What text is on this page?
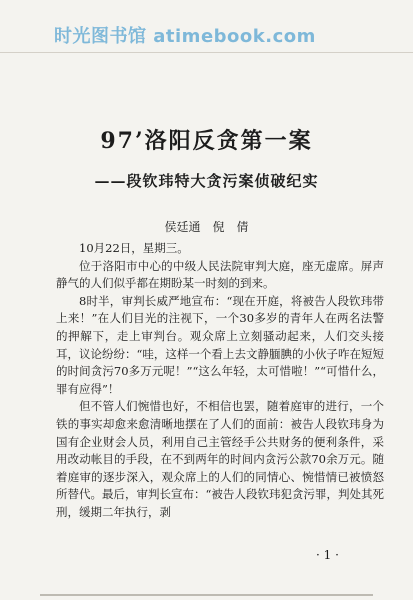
时光图书馆 atimebook.com
97’洛阳反贪第一案
——段钦玮特大贪污案侦破纪实

侯廷通　倪　倩

10月22日，星期三。

位于洛阳市中心的中级人民法院审判大庭，座无虚席。屏声静气的人们似乎都在期盼某一时刻的到来。

8时半，审判长威严地宣布：“现在开庭，将被告人段钦玮带上来！”在人们目光的注视下，一个30多岁的青年人在两名法警的押解下，走上审判台。观众席上立刻骚动起来，人们交头接耳，议论纷纷：“哇，这样一个看上去文静腼腆的小伙子咋在短短的时间贪污70多万元呢！”“这么年轻，太可惜啦！”“可惜什么，罪有应得”！

但不管人们惋惜也好，不相信也罢，随着庭审的进行，一个铁的事实却愈来愈清晰地摆在了人们的面前：被告人段钦玮身为国有企业财会人员，利用自己主管经手公共财务的便利条件，采用改动帐目的手段，在不到两年的时间内贪污公款70余万元。随着庭审的逐步深入，观众席上的人们的同情心、惋惜情已被愤怒所替代。最后，审判长宣布：“被告人段钦玮犯贪污罪，判处其死刑，缓期二年执行，剥

· 1 ·
